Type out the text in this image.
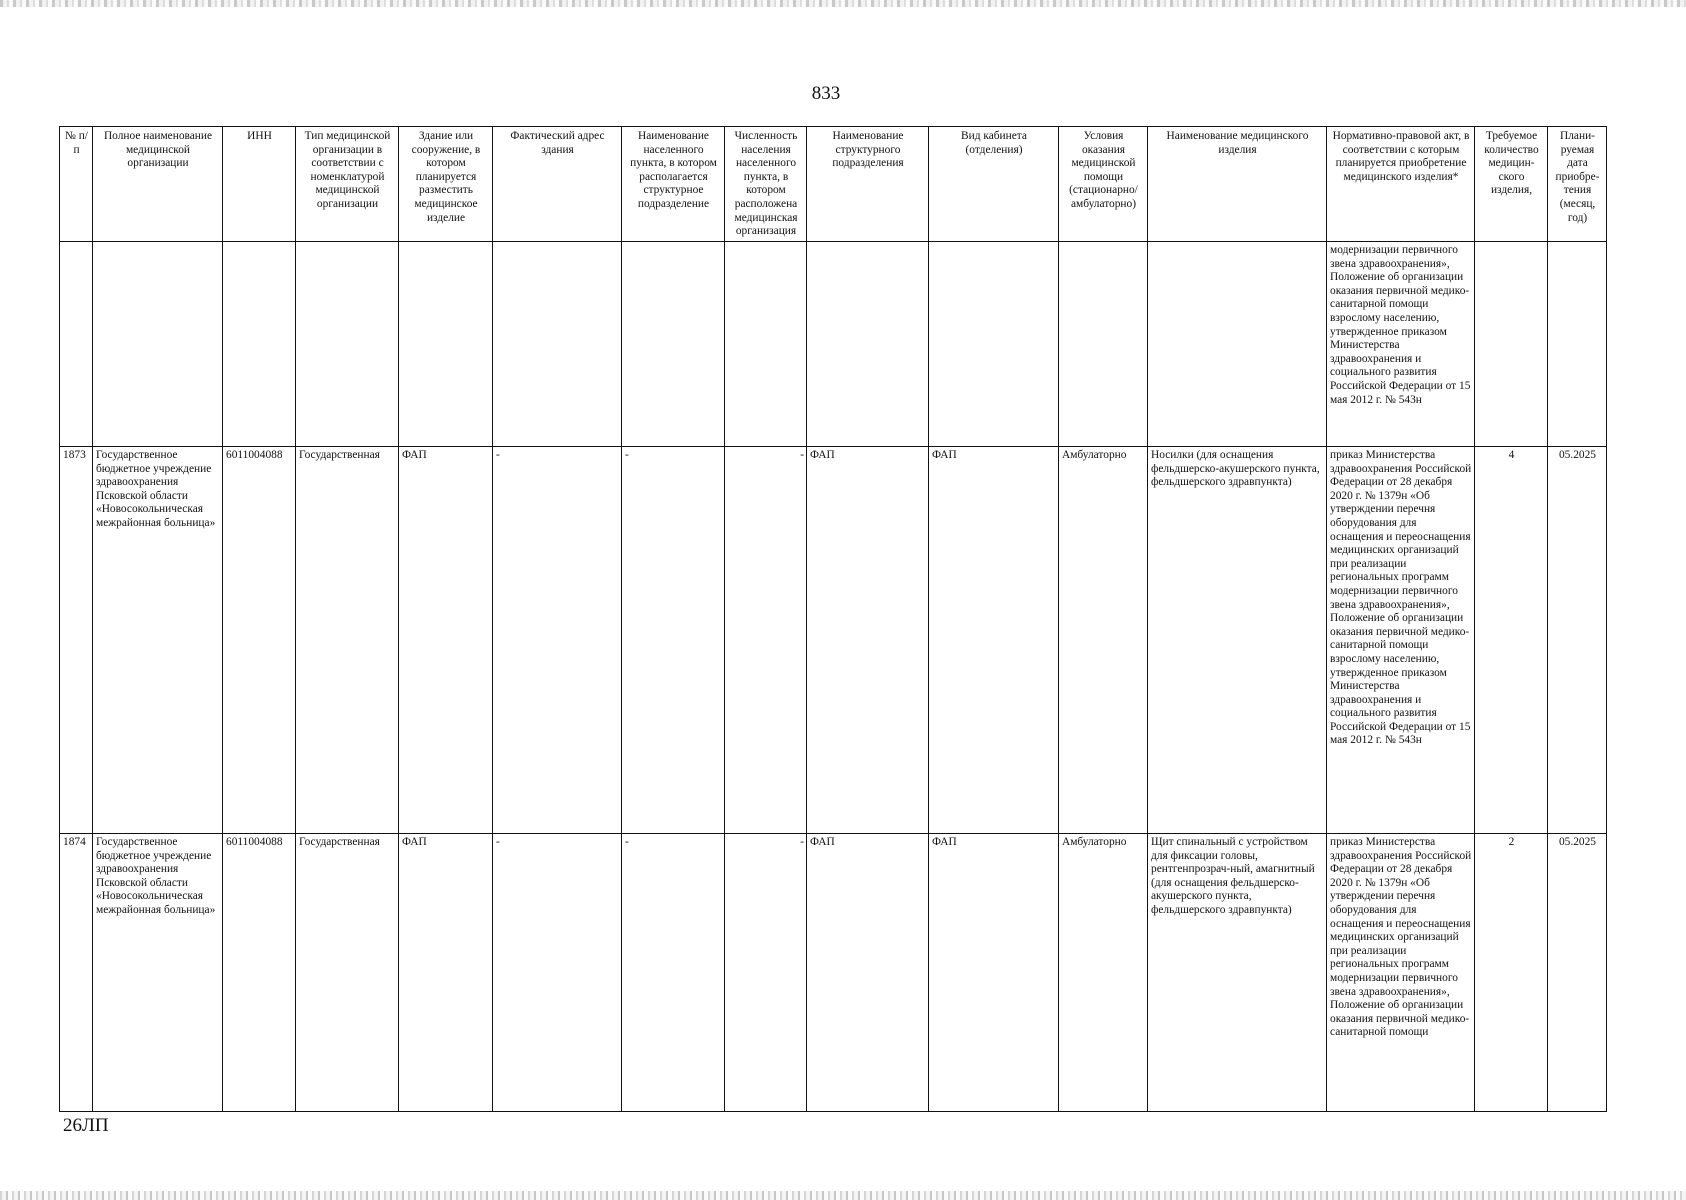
833
№ п/п	Полное наименование медицинской организации	ИНН	Тип медицинской организации в соответствии с номенклатурой медицинской организации	Здание или сооружение, в котором планируется разместить медицинское изделие	Фактический адрес здания	Наименование населенного пункта, в котором располагается структурное подразделение	Численность населения населенного пункта, в котором расположена медицинская организация	Наименование структурного подразделения	Вид кабинета (отделения)	Условия оказания медицинской помощи (стационарно/ амбулаторно)	Наименование медицинского изделия	Нормативно-правовой акт, в соответствии с которым планируется приобретение медицинского изделия*	Требуемое количество медицин- ского изделия,	Плани- руемая дата приобре- тения (месяц, год)
												модернизации первичного звена здравоохранения», Положение об организации оказания первичной медико-санитарной помощи взрослому населению, утвержденное приказом Министерства здравоохранения и социального развития Российской Федерации от 15 мая 2012 г. № 543н		
1873	Государственное бюджетное учреждение здравоохранения Псковской области «Новосокольническая межрайонная больница»	6011004088	Государственная	ФАП	-	-	-	ФАП	ФАП	Амбулаторно	Носилки (для оснащения фельдшерско-акушерского пункта, фельдшерского здравпункта)	приказ Министерства здравоохранения Российской Федерации от 28 декабря 2020 г. № 1379н «Об утверждении перечня оборудования для оснащения и переоснащения медицинских организаций при реализации региональных программ модернизации первичного звена здравоохранения», Положение об организации оказания первичной медико-санитарной помощи взрослому населению, утвержденное приказом Министерства здравоохранения и социального развития Российской Федерации от 15 мая 2012 г. № 543н	4	05.2025
1874	Государственное бюджетное учреждение здравоохранения Псковской области «Новосокольническая межрайонная больница»	6011004088	Государственная	ФАП	-	-	-	ФАП	ФАП	Амбулаторно	Щит спинальный с устройством для фиксации головы, рентгенпрозрач-ный, амагнитный (для оснащения фельдшерско-акушерского пункта, фельдшерского здравпункта)	приказ Министерства здравоохранения Российской Федерации от 28 декабря 2020 г. № 1379н «Об утверждении перечня оборудования для оснащения и переоснащения медицинских организаций при реализации региональных программ модернизации первичного звена здравоохранения», Положение об организации оказания первичной медико-санитарной помощи	2	05.2025
26ЛП
